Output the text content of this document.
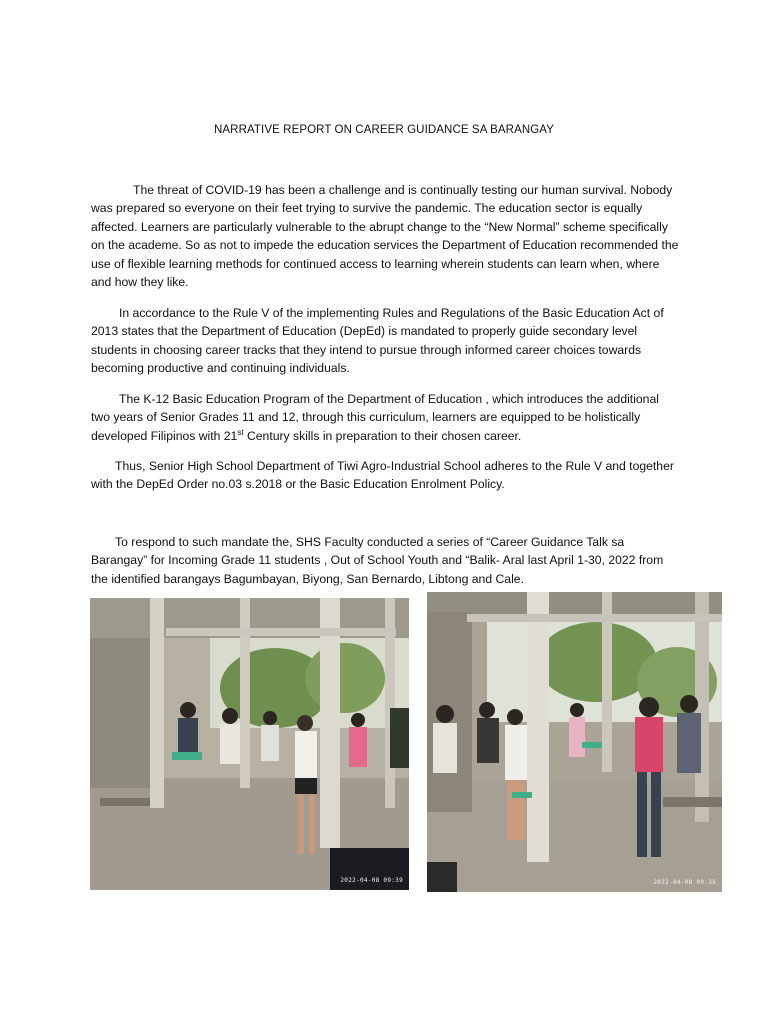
NARRATIVE REPORT ON CAREER GUIDANCE SA BARANGAY

The threat of COVID-19 has been a challenge and is continually testing our human survival. Nobody was prepared so everyone on their feet trying to survive the pandemic. The education sector is equally affected. Learners are particularly vulnerable to the abrupt change to the “New Normal” scheme specifically on the academe. So as not to impede the education services the Department of Education recommended the use of flexible learning methods for continued access to learning wherein students can learn when, where and how they like.

In accordance to the Rule V of the implementing Rules and Regulations of the Basic Education Act of 2013 states that the Department of Education (DepEd) is mandated to properly guide secondary level students in choosing career tracks that they intend to pursue through informed career choices towards becoming productive and continuing individuals.

The K-12 Basic Education Program of the Department of Education , which introduces the additional two years of Senior Grades 11 and 12, through this curriculum, learners are equipped to be holistically developed Filipinos with 21st Century skills in preparation to their chosen career.

Thus, Senior High School Department of Tiwi Agro-Industrial School adheres to the Rule V and together with the DepEd Order no.03 s.2018 or the Basic Education Enrolment Policy.

To respond to such mandate the, SHS Faculty conducted a series of “Career Guidance Talk sa Barangay” for Incoming Grade 11 students , Out of School Youth and “Balik- Aral last April 1-30, 2022 from the identified barangays Bagumbayan, Biyong, San Bernardo, Libtong and Cale.

2022-04-08 09:39	2022-04-08 09:35
